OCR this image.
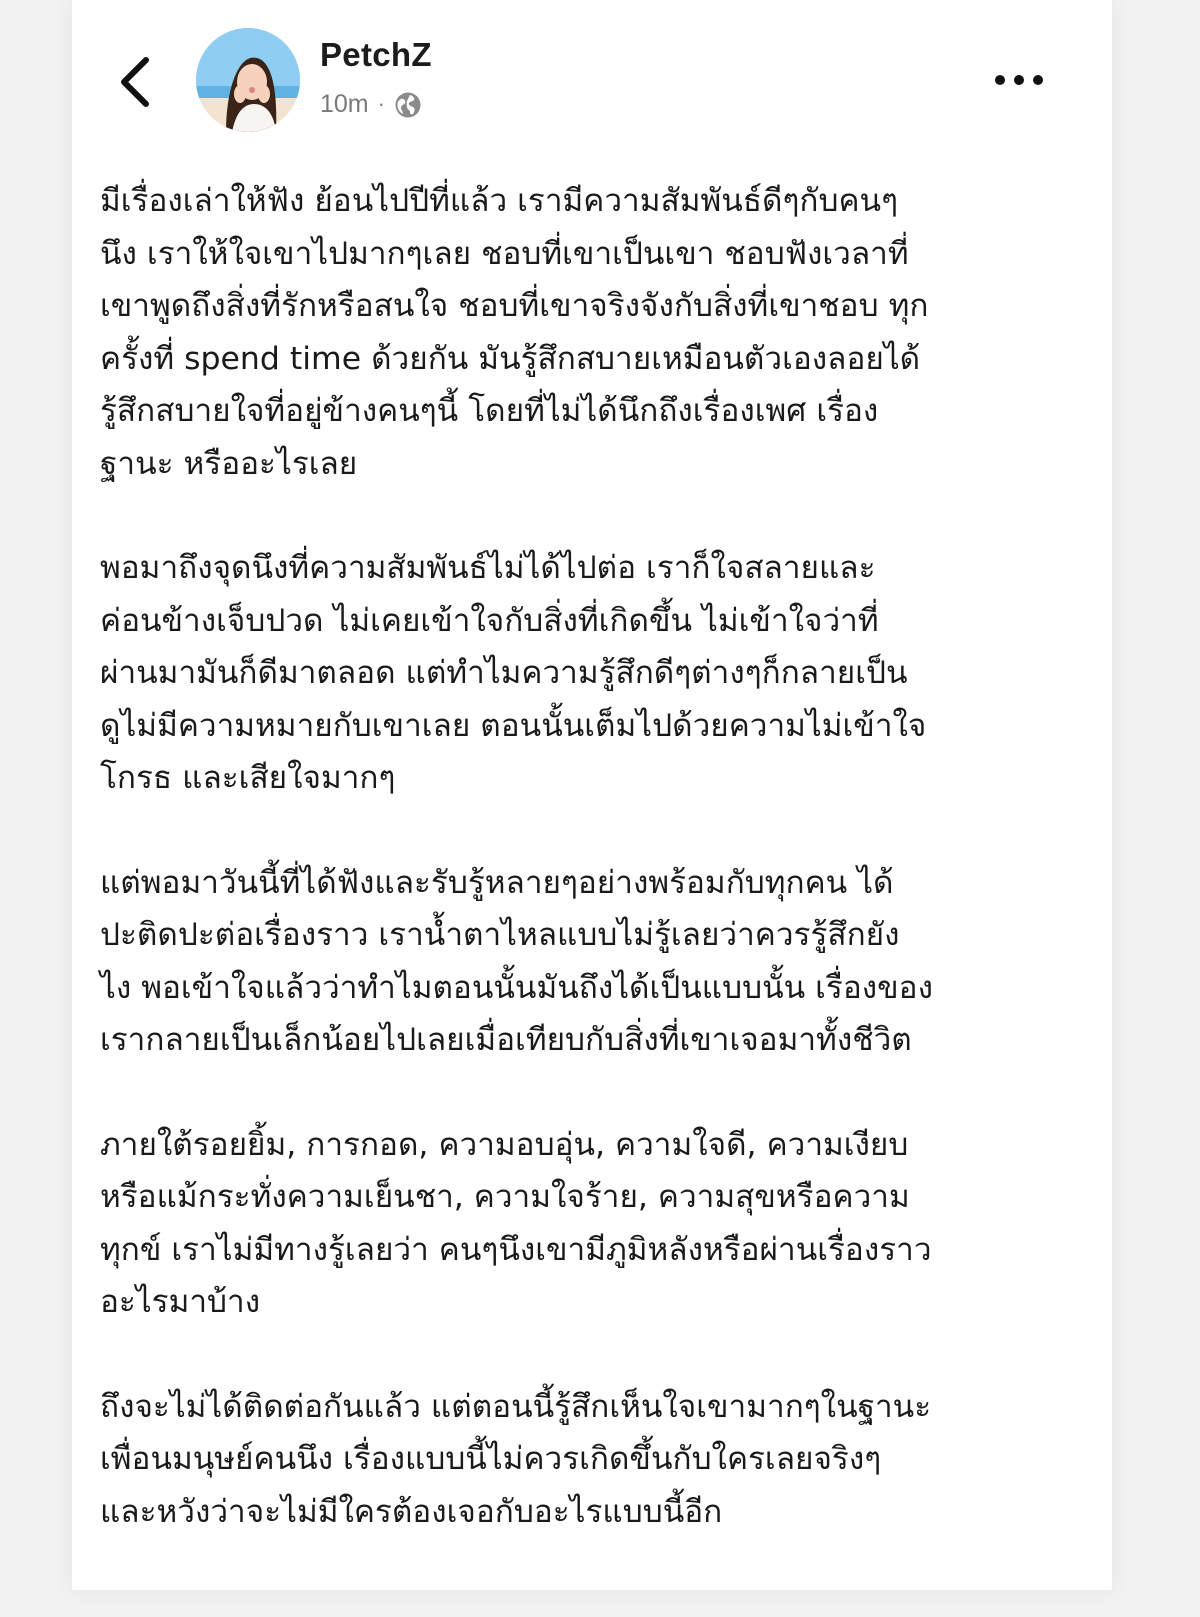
PetchZ
10m ·
มีเรื่องเล่าให้ฟัง ย้อนไปปีที่แล้ว เรามีความสัมพันธ์ดีๆกับคนๆ
นึง เราให้ใจเขาไปมากๆเลย ชอบที่เขาเป็นเขา ชอบฟังเวลาที่
เขาพูดถึงสิ่งที่รักหรือสนใจ ชอบที่เขาจริงจังกับสิ่งที่เขาชอบ ทุก
ครั้งที่ spend time ด้วยกัน มันรู้สึกสบายเหมือนตัวเองลอยได้
รู้สึกสบายใจที่อยู่ข้างคนๆนี้ โดยที่ไม่ได้นึกถึงเรื่องเพศ เรื่อง
ฐานะ หรืออะไรเลย
พอมาถึงจุดนึงที่ความสัมพันธ์ไม่ได้ไปต่อ เราก็ใจสลายและ
ค่อนข้างเจ็บปวด ไม่เคยเข้าใจกับสิ่งที่เกิดขึ้น ไม่เข้าใจว่าที่
ผ่านมามันก็ดีมาตลอด แต่ทำไมความรู้สึกดีๆต่างๆก็กลายเป็น
ดูไม่มีความหมายกับเขาเลย ตอนนั้นเต็มไปด้วยความไม่เข้าใจ
โกรธ และเสียใจมากๆ
แต่พอมาวันนี้ที่ได้ฟังและรับรู้หลายๆอย่างพร้อมกับทุกคน ได้
ปะติดปะต่อเรื่องราว เราน้ำตาไหลแบบไม่รู้เลยว่าควรรู้สึกยัง
ไง พอเข้าใจแล้วว่าทำไมตอนนั้นมันถึงได้เป็นแบบนั้น เรื่องของ
เรากลายเป็นเล็กน้อยไปเลยเมื่อเทียบกับสิ่งที่เขาเจอมาทั้งชีวิต
ภายใต้รอยยิ้ม, การกอด, ความอบอุ่น, ความใจดี, ความเงียบ
หรือแม้กระทั่งความเย็นชา, ความใจร้าย, ความสุขหรือความ
ทุกข์ เราไม่มีทางรู้เลยว่า คนๆนึงเขามีภูมิหลังหรือผ่านเรื่องราว
อะไรมาบ้าง
ถึงจะไม่ได้ติดต่อกันแล้ว แต่ตอนนี้รู้สึกเห็นใจเขามากๆในฐานะ
เพื่อนมนุษย์คนนึง เรื่องแบบนี้ไม่ควรเกิดขึ้นกับใครเลยจริงๆ
และหวังว่าจะไม่มีใครต้องเจอกับอะไรแบบนี้อีก
